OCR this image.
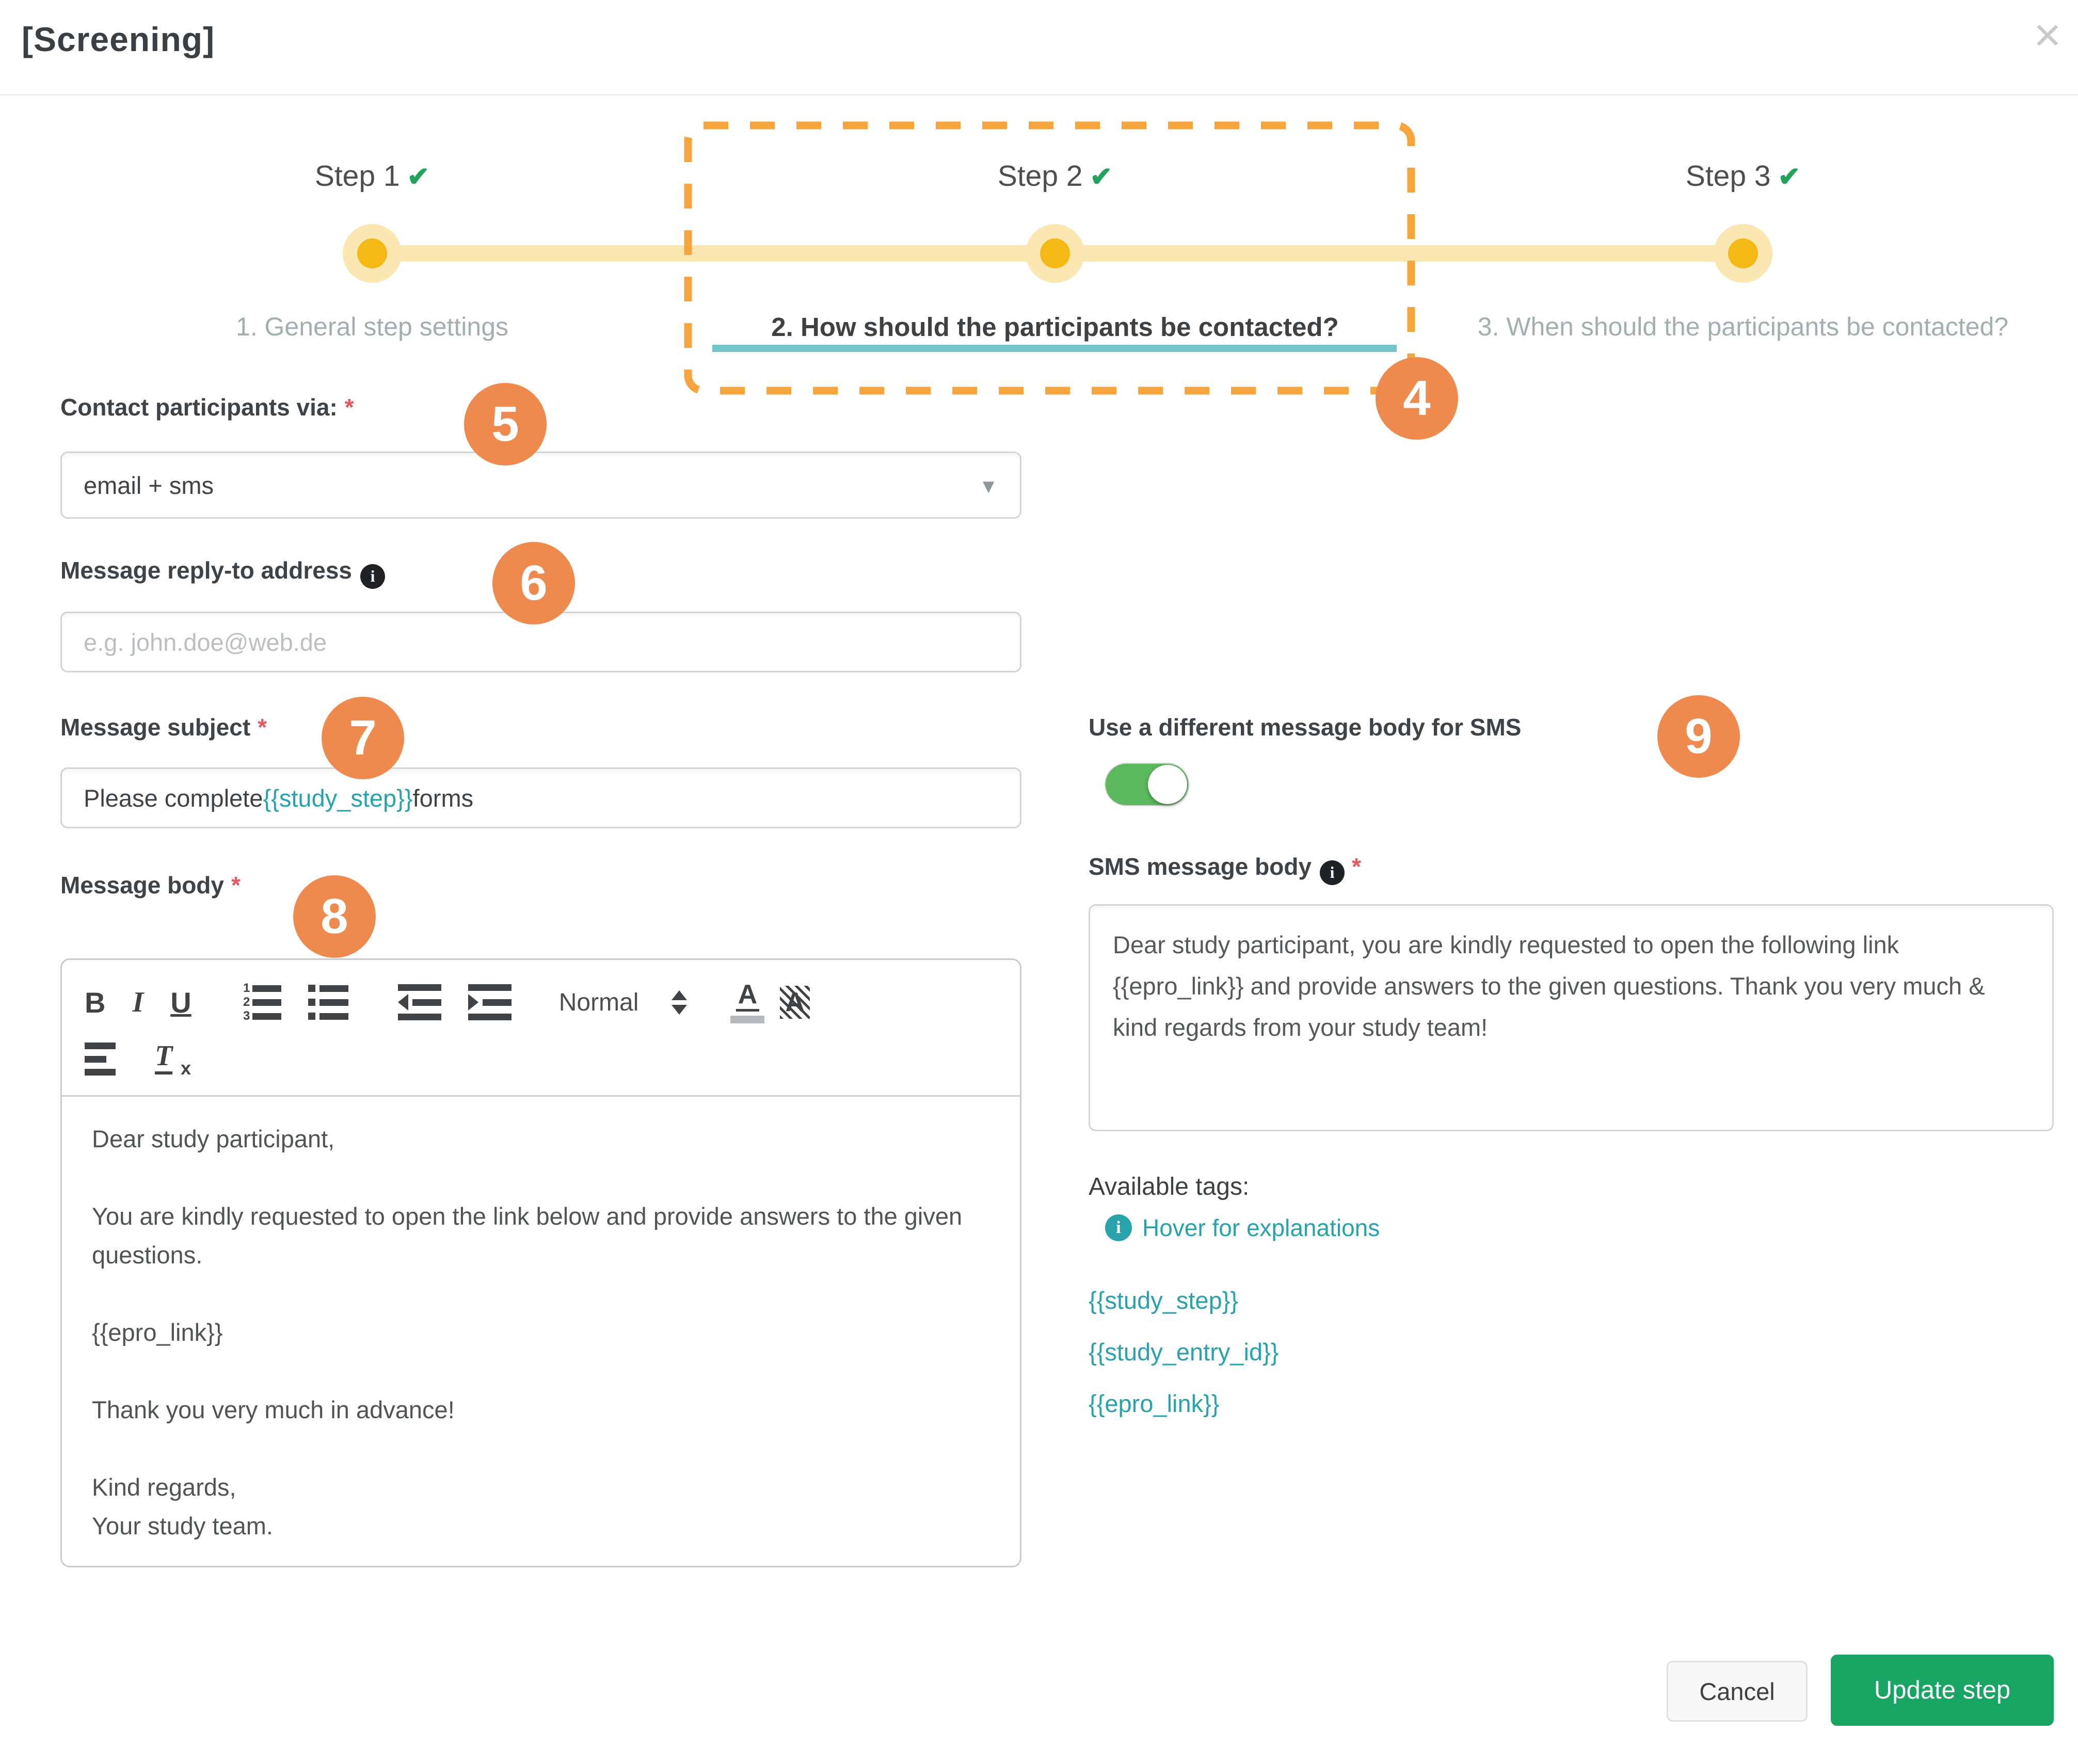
[Screening]	×
Step 1 ✔	Step 2 ✔	Step 3 ✔
1. General step settings	2. How should the participants be contacted?	3. When should the participants be contacted?
4
5
6
7
8
9
Contact participants via: *
email + sms	▼
Message reply-to address i
e.g. john.doe@web.de
Message subject *
Please complete {{study_step}} forms
Message body *
B I U	1
2
3	Normal	A A
T x

Dear study participant,

You are kindly requested to open the link below and provide answers to the given questions.

{{epro_link}}

Thank you very much in advance!

Kind regards,

Your study team.

Use a different message body for SMS
SMS message body i *
Dear study participant, you are kindly requested to open the following link {{epro_link}} and provide answers to the given questions. Thank you very much & kind regards from your study team!
Available tags:
i Hover for explanations
{{study_step}}
{{study_entry_id}}
{{epro_link}}
Cancel	Update step
